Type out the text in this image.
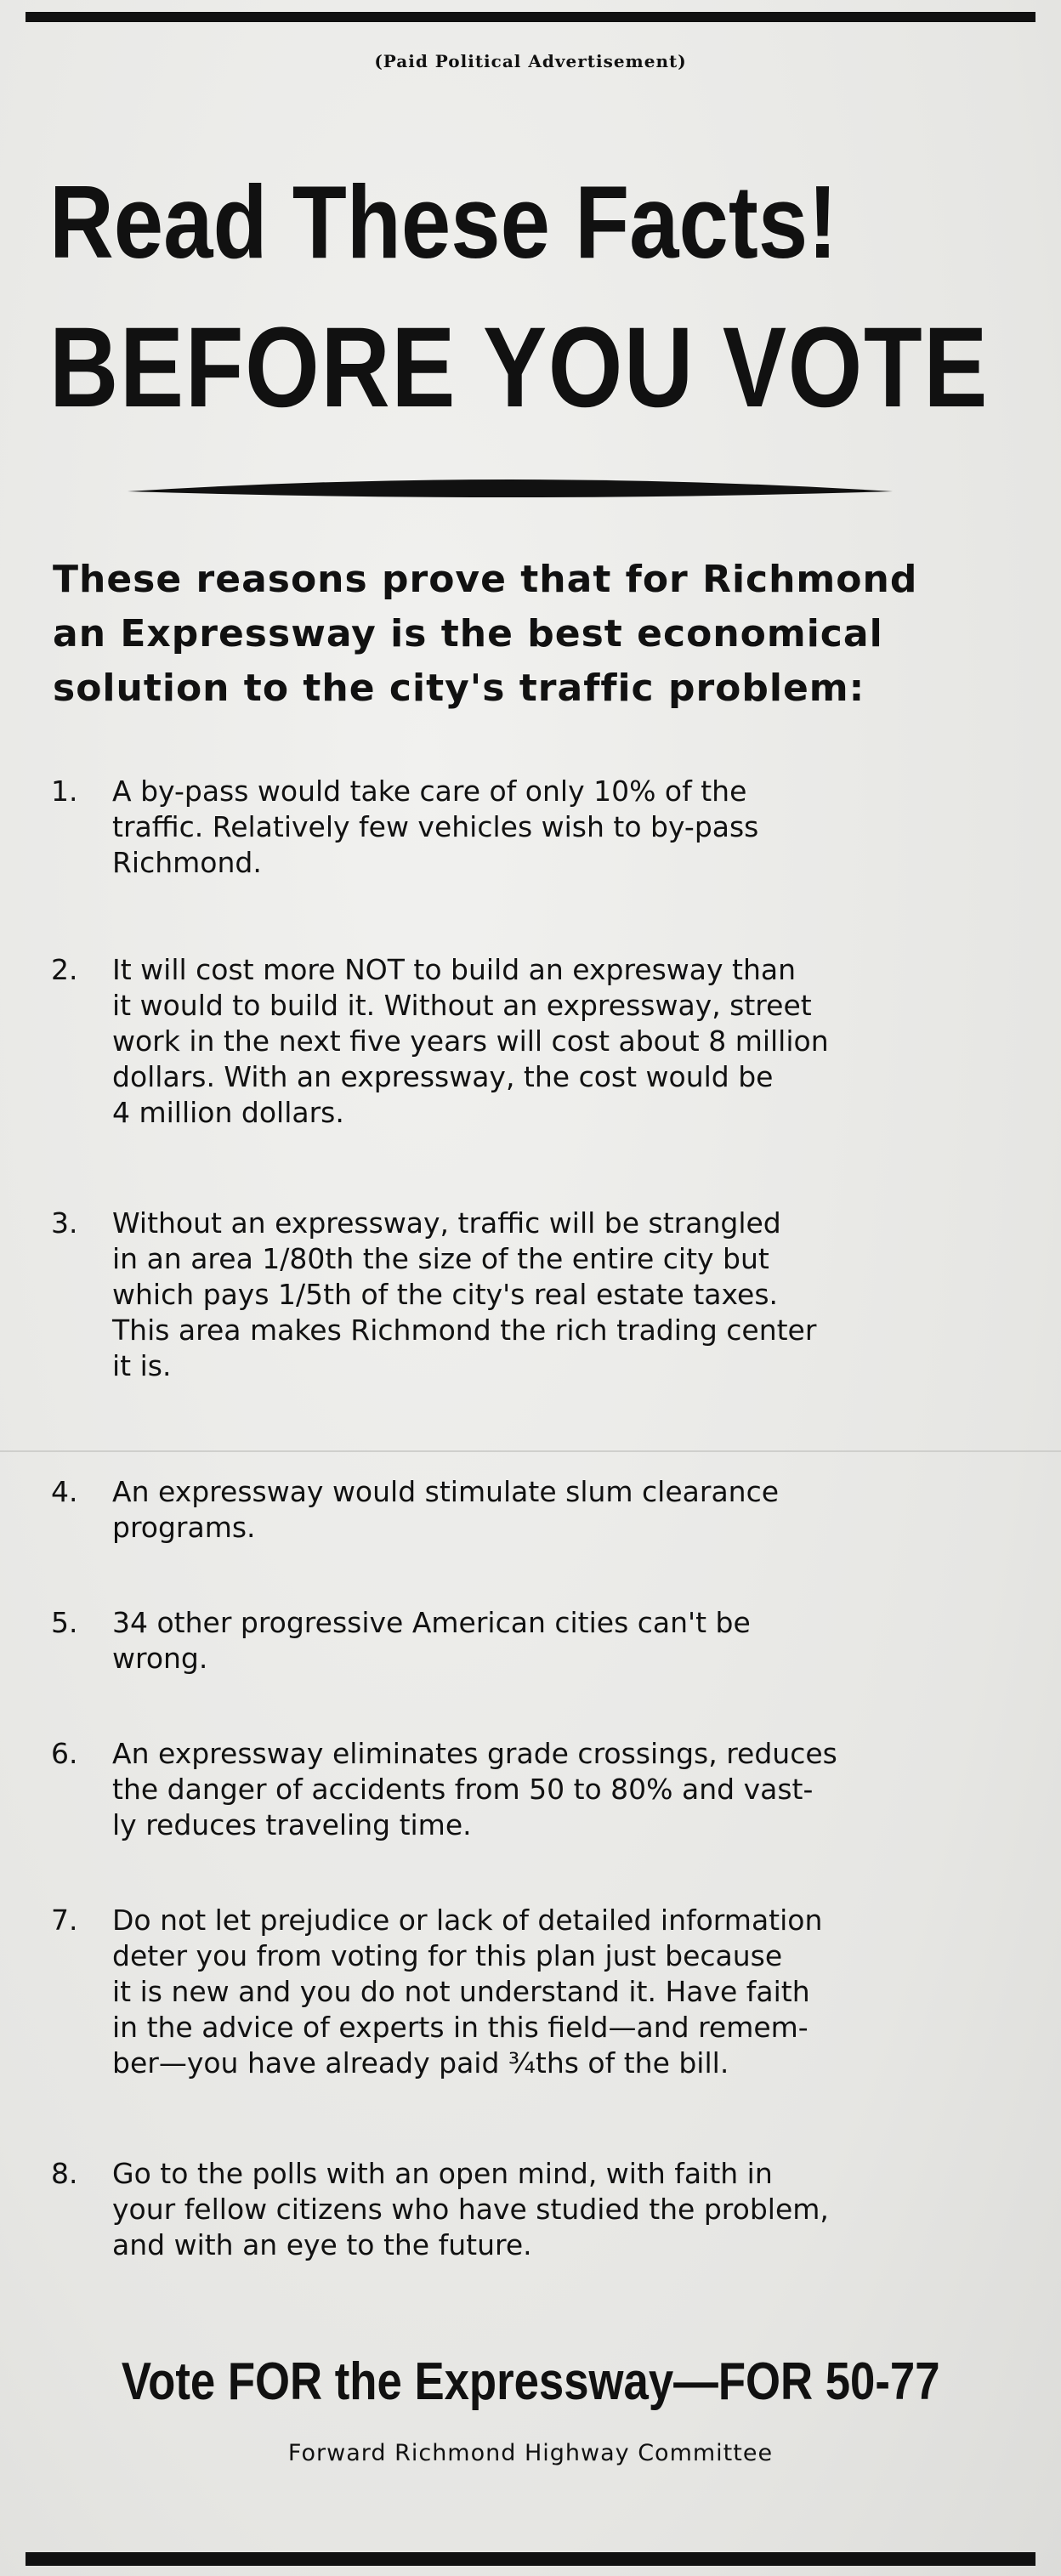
(Paid Political Advertisement)
Read These Facts!
BEFORE YOU VOTE
These reasons prove that for Richmond
an Expressway is the best economical
solution to the city's traffic problem:
1.	A by-pass would take care of only 10% of the
traffic. Relatively few vehicles wish to by-pass
Richmond.
2.	It will cost more NOT to build an expresway than
it would to build it. Without an expressway, street
work in the next five years will cost about 8 million
dollars. With an expressway, the cost would be
4 million dollars.
3.	Without an expressway, traffic will be strangled
in an area 1/80th the size of the entire city but
which pays 1/5th of the city's real estate taxes.
This area makes Richmond the rich trading center
it is.
4.	An expressway would stimulate slum clearance
programs.
5.	34 other progressive American cities can't be
wrong.
6.	An expressway eliminates grade crossings, reduces
the danger of accidents from 50 to 80% and vast-
ly reduces traveling time.
7.	Do not let prejudice or lack of detailed information
deter you from voting for this plan just because
it is new and you do not understand it. Have faith
in the advice of experts in this field—and remem-
ber—you have already paid ¾ths of the bill.
8.	Go to the polls with an open mind, with faith in
your fellow citizens who have studied the problem,
and with an eye to the future.
Vote FOR the Expressway—FOR 50-77
Forward Richmond Highway Committee
